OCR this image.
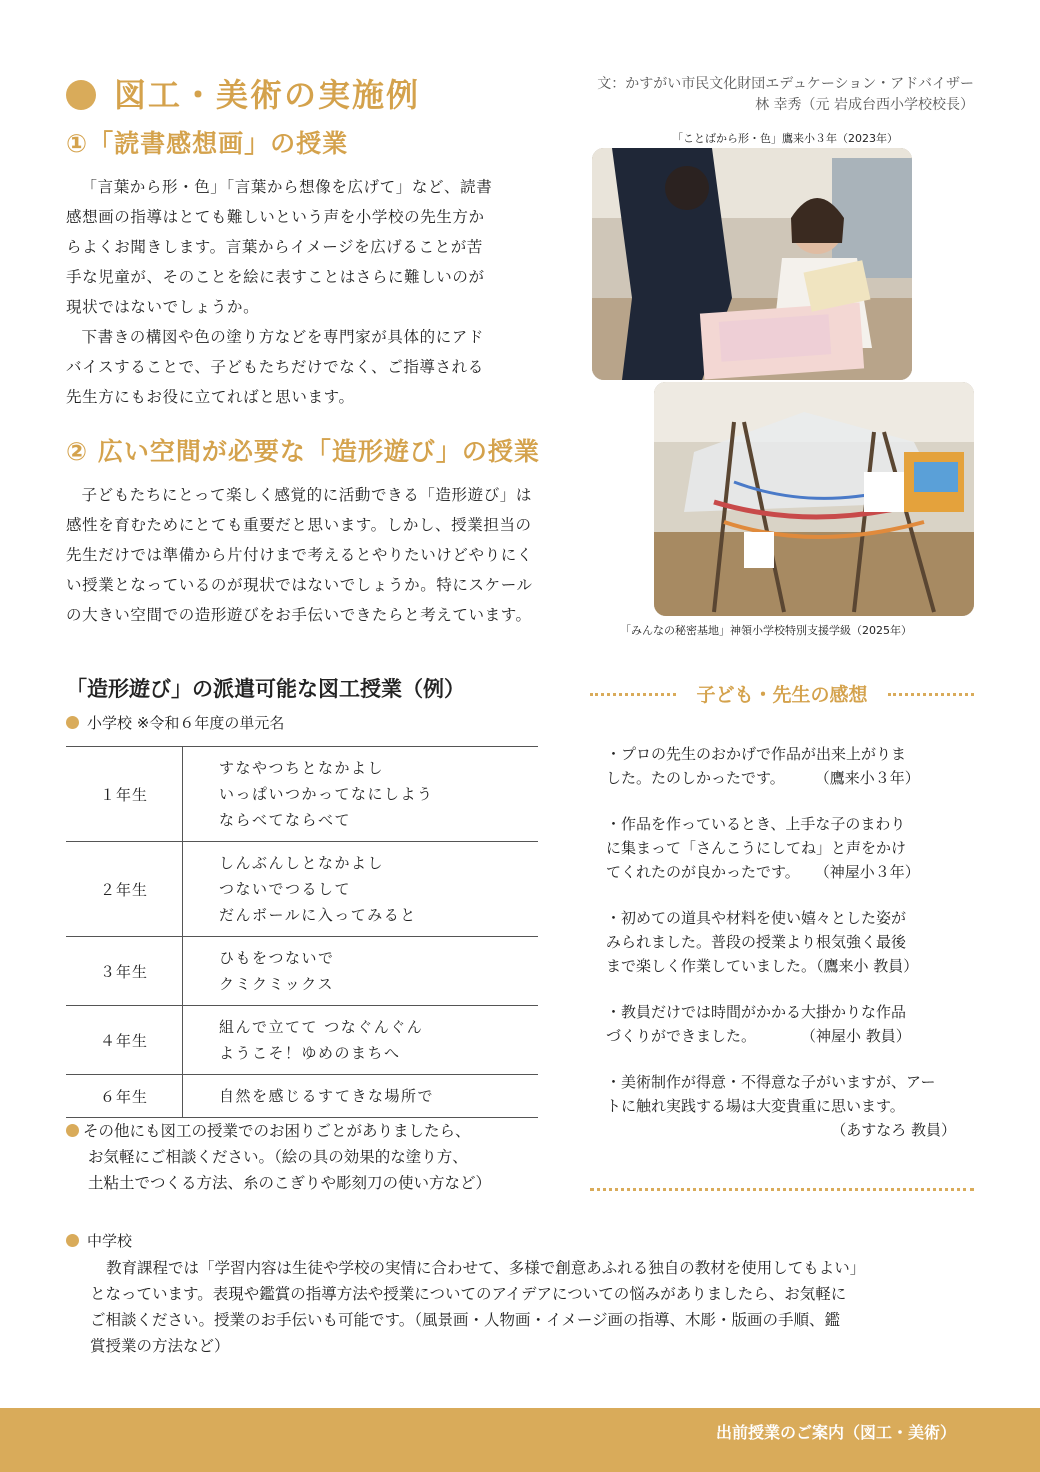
図工・美術の実施例	文：かすがい市民文化財団エデュケーション・アドバイザー
林 幸秀（元 岩成台西小学校校長）
①「読書感想画」の授業

「言葉から形・色」「言葉から想像を広げて」など、読書

感想画の指導はとても難しいという声を小学校の先生方か

らよくお聞きします。言葉からイメージを広げることが苦

手な児童が、そのことを絵に表すことはさらに難しいのが

現状ではないでしょうか。

下書きの構図や色の塗り方などを専門家が具体的にアド

バイスすることで、子どもたちだけでなく、ご指導される

先生方にもお役に立てればと思います。

「ことばから形・色」鷹来小３年（2023年）
② 広い空間が必要な「造形遊び」の授業

子どもたちにとって楽しく感覚的に活動できる「造形遊び」は

感性を育むためにとても重要だと思います。しかし、授業担当の

先生だけでは準備から片付けまで考えるとやりたいけどやりにく

い授業となっているのが現状ではないでしょうか。特にスケール

の大きい空間での造形遊びをお手伝いできたらと考えています。

「みんなの秘密基地」神領小学校特別支援学級（2025年）
「造形遊び」の派遣可能な図工授業（例）
小学校 ※令和６年度の単元名
１年生	すなやつちとなかよし
いっぱいつかってなにしよう
ならべてならべて

２年生	しんぶんしとなかよし
つないでつるして
だんボールに入ってみると

３年生	ひもをつないで
クミクミックス

４年生	組んで立てて つなぐんぐん
ようこそ！ゆめのまちへ

６年生	自然を感じるすてきな場所で
その他にも図工の授業でのお困りごとがありましたら、
お気軽にご相談ください。（絵の具の効果的な塗り方、
土粘土でつくる方法、糸のこぎりや彫刻刀の使い方など）
子ども・先生の感想
・プロの先生のおかげで作品が出来上がりま
した。たのしかったです。　　　（鷹来小３年）
・作品を作っているとき、上手な子のまわり
に集まって「さんこうにしてね」と声をかけ
てくれたのが良かったです。　　（神屋小３年）
・初めての道具や材料を使い嬉々とした姿が
みられました。普段の授業より根気強く最後
まで楽しく作業していました。（鷹来小 教員）
・教員だけでは時間がかかる大掛かりな作品
づくりができました。　　　　（神屋小 教員）
・美術制作が得意・不得意な子がいますが、アー
トに触れ実践する場は大変貴重に思います。
（あすなろ 教員）
中学校
教育課程では「学習内容は生徒や学校の実情に合わせて、多様で創意あふれる独自の教材を使用してもよい」
となっています。表現や鑑賞の指導方法や授業についてのアイデアについての悩みがありましたら、お気軽に
ご相談ください。授業のお手伝いも可能です。（風景画・人物画・イメージ画の指導、木彫・版画の手順、鑑
賞授業の方法など）
出前授業のご案内（図工・美術）
